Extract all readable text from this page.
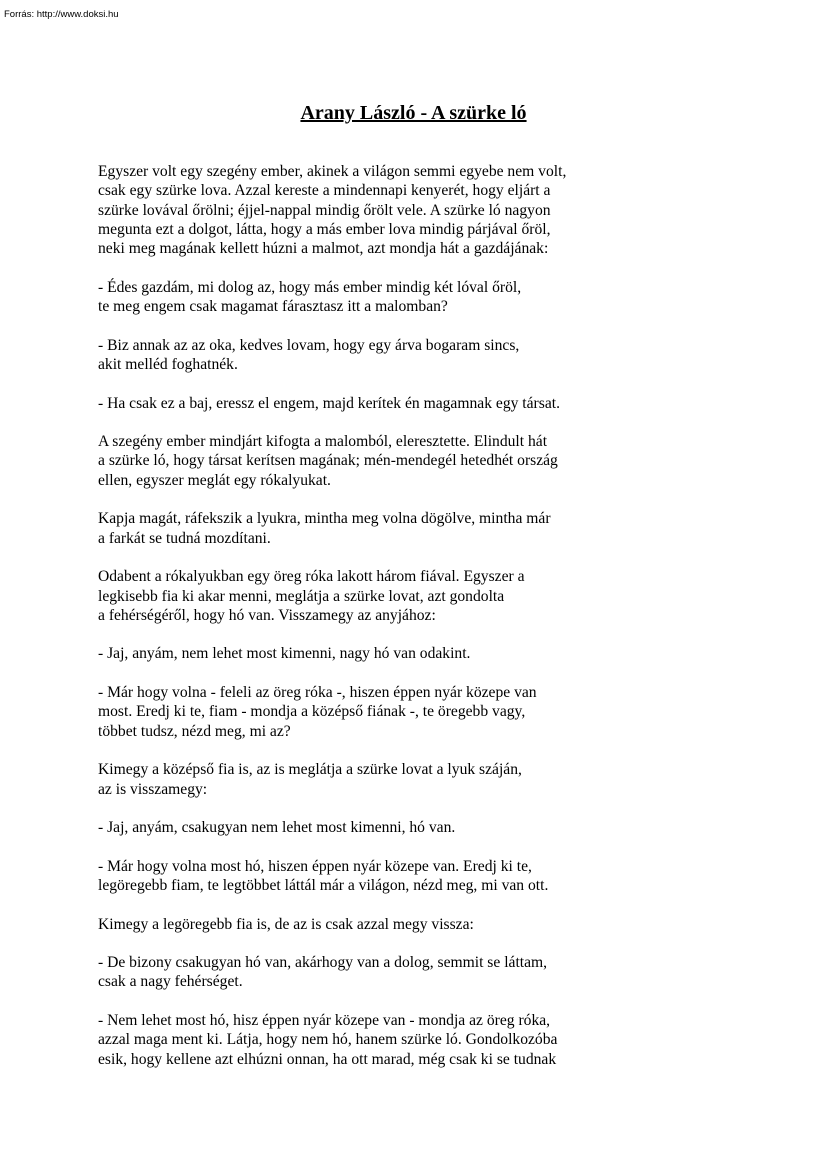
Forrás: http://www.doksi.hu
Arany László - A szürke ló

Egyszer volt egy szegény ember, akinek a világon semmi egyebe nem volt,
csak egy szürke lova. Azzal kereste a mindennapi kenyerét, hogy eljárt a
szürke lovával őrölni; éjjel-nappal mindig őrölt vele. A szürke ló nagyon
megunta ezt a dolgot, látta, hogy a más ember lova mindig párjával őröl,
neki meg magának kellett húzni a malmot, azt mondja hát a gazdájának:

- Édes gazdám, mi dolog az, hogy más ember mindig két lóval őröl,
te meg engem csak magamat fárasztasz itt a malomban?

- Biz annak az az oka, kedves lovam, hogy egy árva bogaram sincs,
akit melléd foghatnék.

- Ha csak ez a baj, eressz el engem, majd kerítek én magamnak egy társat.

A szegény ember mindjárt kifogta a malomból, eleresztette. Elindult hát
a szürke ló, hogy társat kerítsen magának; mén-mendegél hetedhét ország
ellen, egyszer meglát egy rókalyukat.

Kapja magát, ráfekszik a lyukra, mintha meg volna dögölve, mintha már
a farkát se tudná mozdítani.

Odabent a rókalyukban egy öreg róka lakott három fiával. Egyszer a
legkisebb fia ki akar menni, meglátja a szürke lovat, azt gondolta
a fehérségéről, hogy hó van. Visszamegy az anyjához:

- Jaj, anyám, nem lehet most kimenni, nagy hó van odakint.

- Már hogy volna - feleli az öreg róka -, hiszen éppen nyár közepe van
most. Eredj ki te, fiam - mondja a középső fiának -, te öregebb vagy,
többet tudsz, nézd meg, mi az?

Kimegy a középső fia is, az is meglátja a szürke lovat a lyuk száján,
az is visszamegy:

- Jaj, anyám, csakugyan nem lehet most kimenni, hó van.

- Már hogy volna most hó, hiszen éppen nyár közepe van. Eredj ki te,
legöregebb fiam, te legtöbbet láttál már a világon, nézd meg, mi van ott.

Kimegy a legöregebb fia is, de az is csak azzal megy vissza:

- De bizony csakugyan hó van, akárhogy van a dolog, semmit se láttam,
csak a nagy fehérséget.

- Nem lehet most hó, hisz éppen nyár közepe van - mondja az öreg róka,
azzal maga ment ki. Látja, hogy nem hó, hanem szürke ló. Gondolkozóba
esik, hogy kellene azt elhúzni onnan, ha ott marad, még csak ki se tudnak
